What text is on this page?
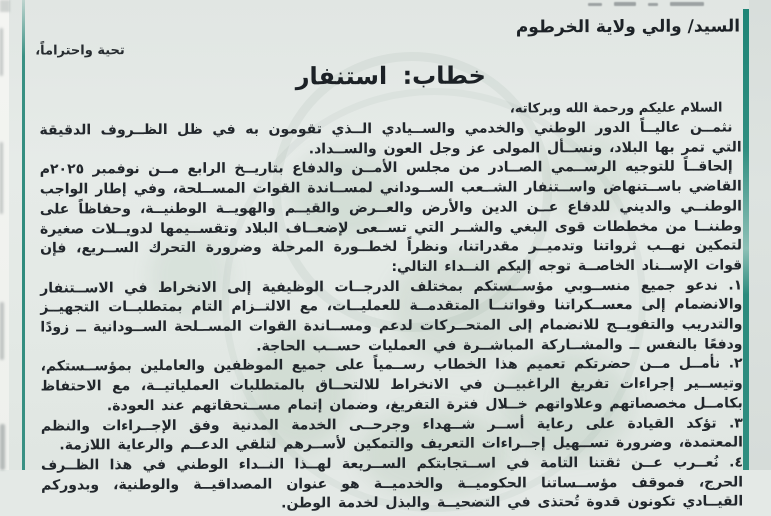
السيد/ والي ولاية الخرطوم
تحية واحتراماً،
خطاب: استنفار
السلام عليكم ورحمة الله وبركاته،

نثمــن عاليــاً الدور الوطني والخدمي والســيادي الــذي تقومون به في ظل الظــروف الدقيقة التي تمر بها البلاد، ونســأل المولى عز وجل العون والســداد.

إلحاقــاً للتوجيه الرســمي الصــادر من مجلس الأمــن والدفاع بتاريــخ الرابع مــن نوفمبر ٢٠٢٥م القاضي باســتنهاض واســتنفار الشــعب الســوداني لمســاندة القوات المســلحة، وفي إطار الواجب الوطنــي والديني للدفاع عــن الدين والأرض والعــرض والقيــم والهويــة الوطنيــة، وحفاظاً على وطننــا من مخططات قوى البغي والشــر التي تســعى لإضعــاف البلاد وتقســيمها لدويــلات صغيرة لتمكين نهــب ثرواتنا وتدميــر مقدراتنا، ونظراً لخطــورة المرحلة وضرورة التحرك الســريع، فإن قوات الإســناد الخاصــة توجه إليكم النــداء التالي:

١. ندعو جميع منســوبي مؤســستكم بمختلف الدرجــات الوظيفية إلى الانخراط في الاســتنفار والانضمام إلى معســكراتنا وقواتنــا المتقدمــة للعمليــات، مع الالتــزام التام بمتطلبــات التجهيــز والتدريب والتفويــج للانضمام إلى المتحــركات لدعم ومســاندة القوات المســلحة الســودانية ــ زودًا ودفعًا بالنفس ــ والمشــاركة المباشــرة في العمليات حســب الحاجة.

٢. نأمــل مــن حضرتكم تعميم هذا الخطاب رســمياً على جميع الموظفين والعاملين بمؤســستكم، وتيســير إجراءات تفريغ الراغبيــن في الانخراط للالتحــاق بالمتطلبات العملياتيــة، مع الاحتفاظ بكامــل مخصصاتهم وعلاواتهم خــلال فترة التفريغ، وضمان إتمام مســتحقاتهم عند العودة.

٣. تؤكد القيادة على رعاية أســر شــهداء وجرحــى الخدمة المدنية وفق الإجــراءات والنظم المعتمدة، وضرورة تســهيل إجــراءات التعريف والتمكين لأســرهم لتلقي الدعــم والرعاية اللازمة.

٤. نُعــرب عــن ثقتنا التامة في اســتجابتكم الســريعة لهــذا النــداء الوطني في هذا الظــرف الحرج، فموقف مؤســساتنا الحكوميــة والخدميــة هو عنوان المصداقيــة والوطنية، وبدوركم القيــادي تكونون قدوة تُحتذى في التضحيــة والبذل لخدمة الوطن.
